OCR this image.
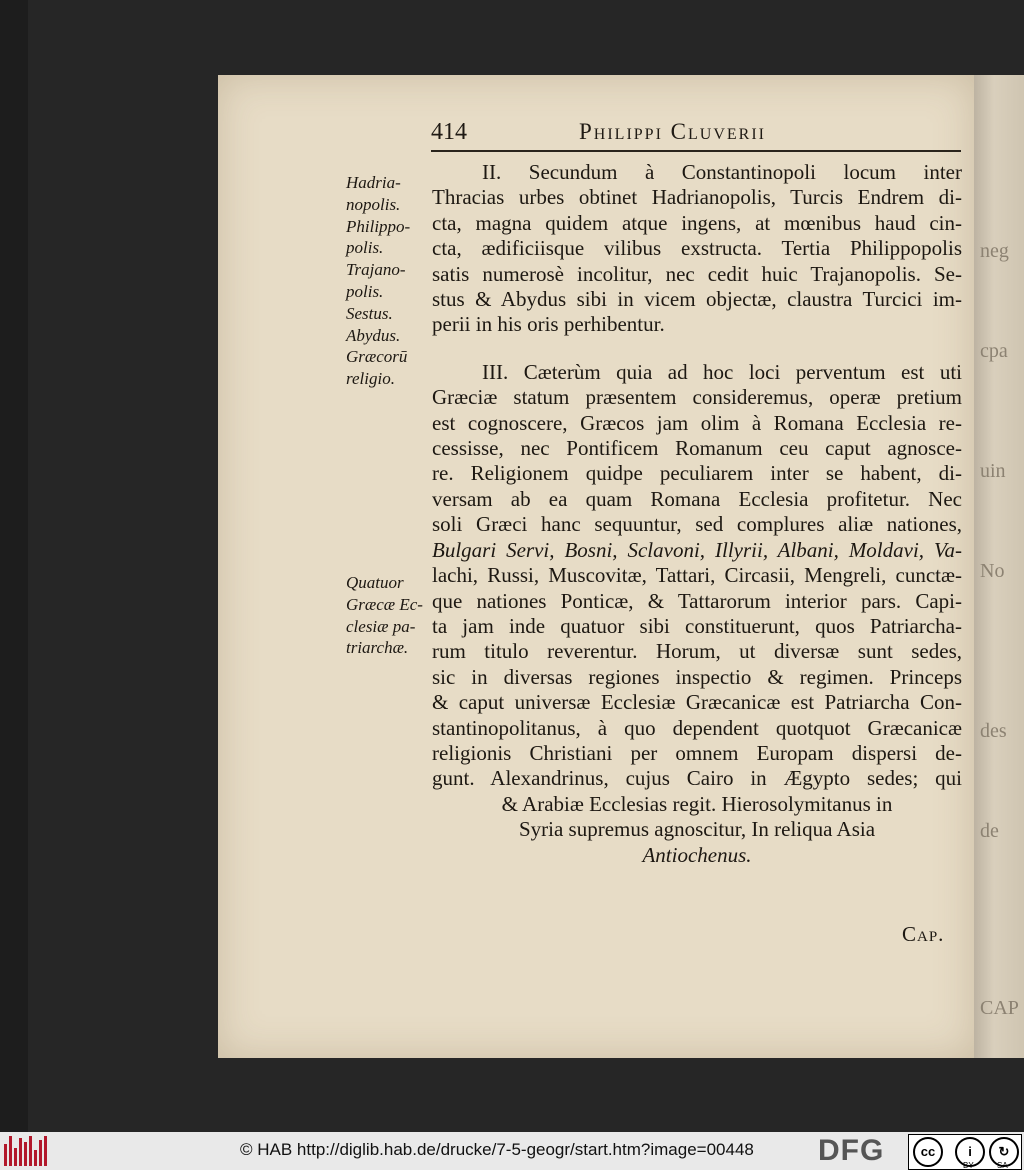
neg
cpa
uin
No
des
de
CAP
414	Philippi Cluverii
Hadria-
nopolis.
Philippo-
polis.
Trajano-
polis.
Sestus.
Abydus.
Græcorū
religio.
Quatuor
Græcæ Ec-
clesiæ pa-
triarchæ.
II. Secundum à Constantinopoli locum inter
Thracias urbes obtinet Hadrianopolis, Turcis Endrem di-
cta, magna quidem atque ingens, at mœnibus haud cin-
cta, ædificiisque vilibus exstructa. Tertia Philippopolis
satis numerosè incolitur, nec cedit huic Trajanopolis. Se-
stus & Abydus sibi in vicem objectæ, claustra Turcici im-
perii in his oris perhibentur.
III. Cæterùm quia ad hoc loci perventum est uti
Græciæ statum præsentem consideremus, operæ pretium
est cognoscere, Græcos jam olim à Romana Ecclesia re-
cessisse, nec Pontificem Romanum ceu caput agnosce-
re. Religionem quidpe peculiarem inter se habent, di-
versam ab ea quam Romana Ecclesia profitetur. Nec
soli Græci hanc sequuntur, sed complures aliæ nationes,
Bulgari Servi, Bosni, Sclavoni, Illyrii, Albani, Moldavi, Va-
lachi, Russi, Muscovitæ, Tattari, Circasii, Mengreli, cunctæ-
que nationes Ponticæ, & Tattarorum interior pars. Capi-
ta jam inde quatuor sibi constituerunt, quos Patriarcha-
rum titulo reverentur. Horum, ut diversæ sunt sedes,
sic in diversas regiones inspectio & regimen. Princeps
& caput universæ Ecclesiæ Græcanicæ est Patriarcha Con-
stantinopolitanus, à quo dependent quotquot Græcanicæ
religionis Christiani per omnem Europam dispersi de-
gunt. Alexandrinus, cujus Cairo in Ægypto sedes; qui
& Arabiæ Ecclesias regit. Hierosolymitanus in
Syria supremus agnoscitur, In reliqua Asia
Antiochenus.
Cap.
© HAB http://diglib.hab.de/drucke/7-5-geogr/start.htm?image=00448 DFG	cc	i	↻
BY	SA
